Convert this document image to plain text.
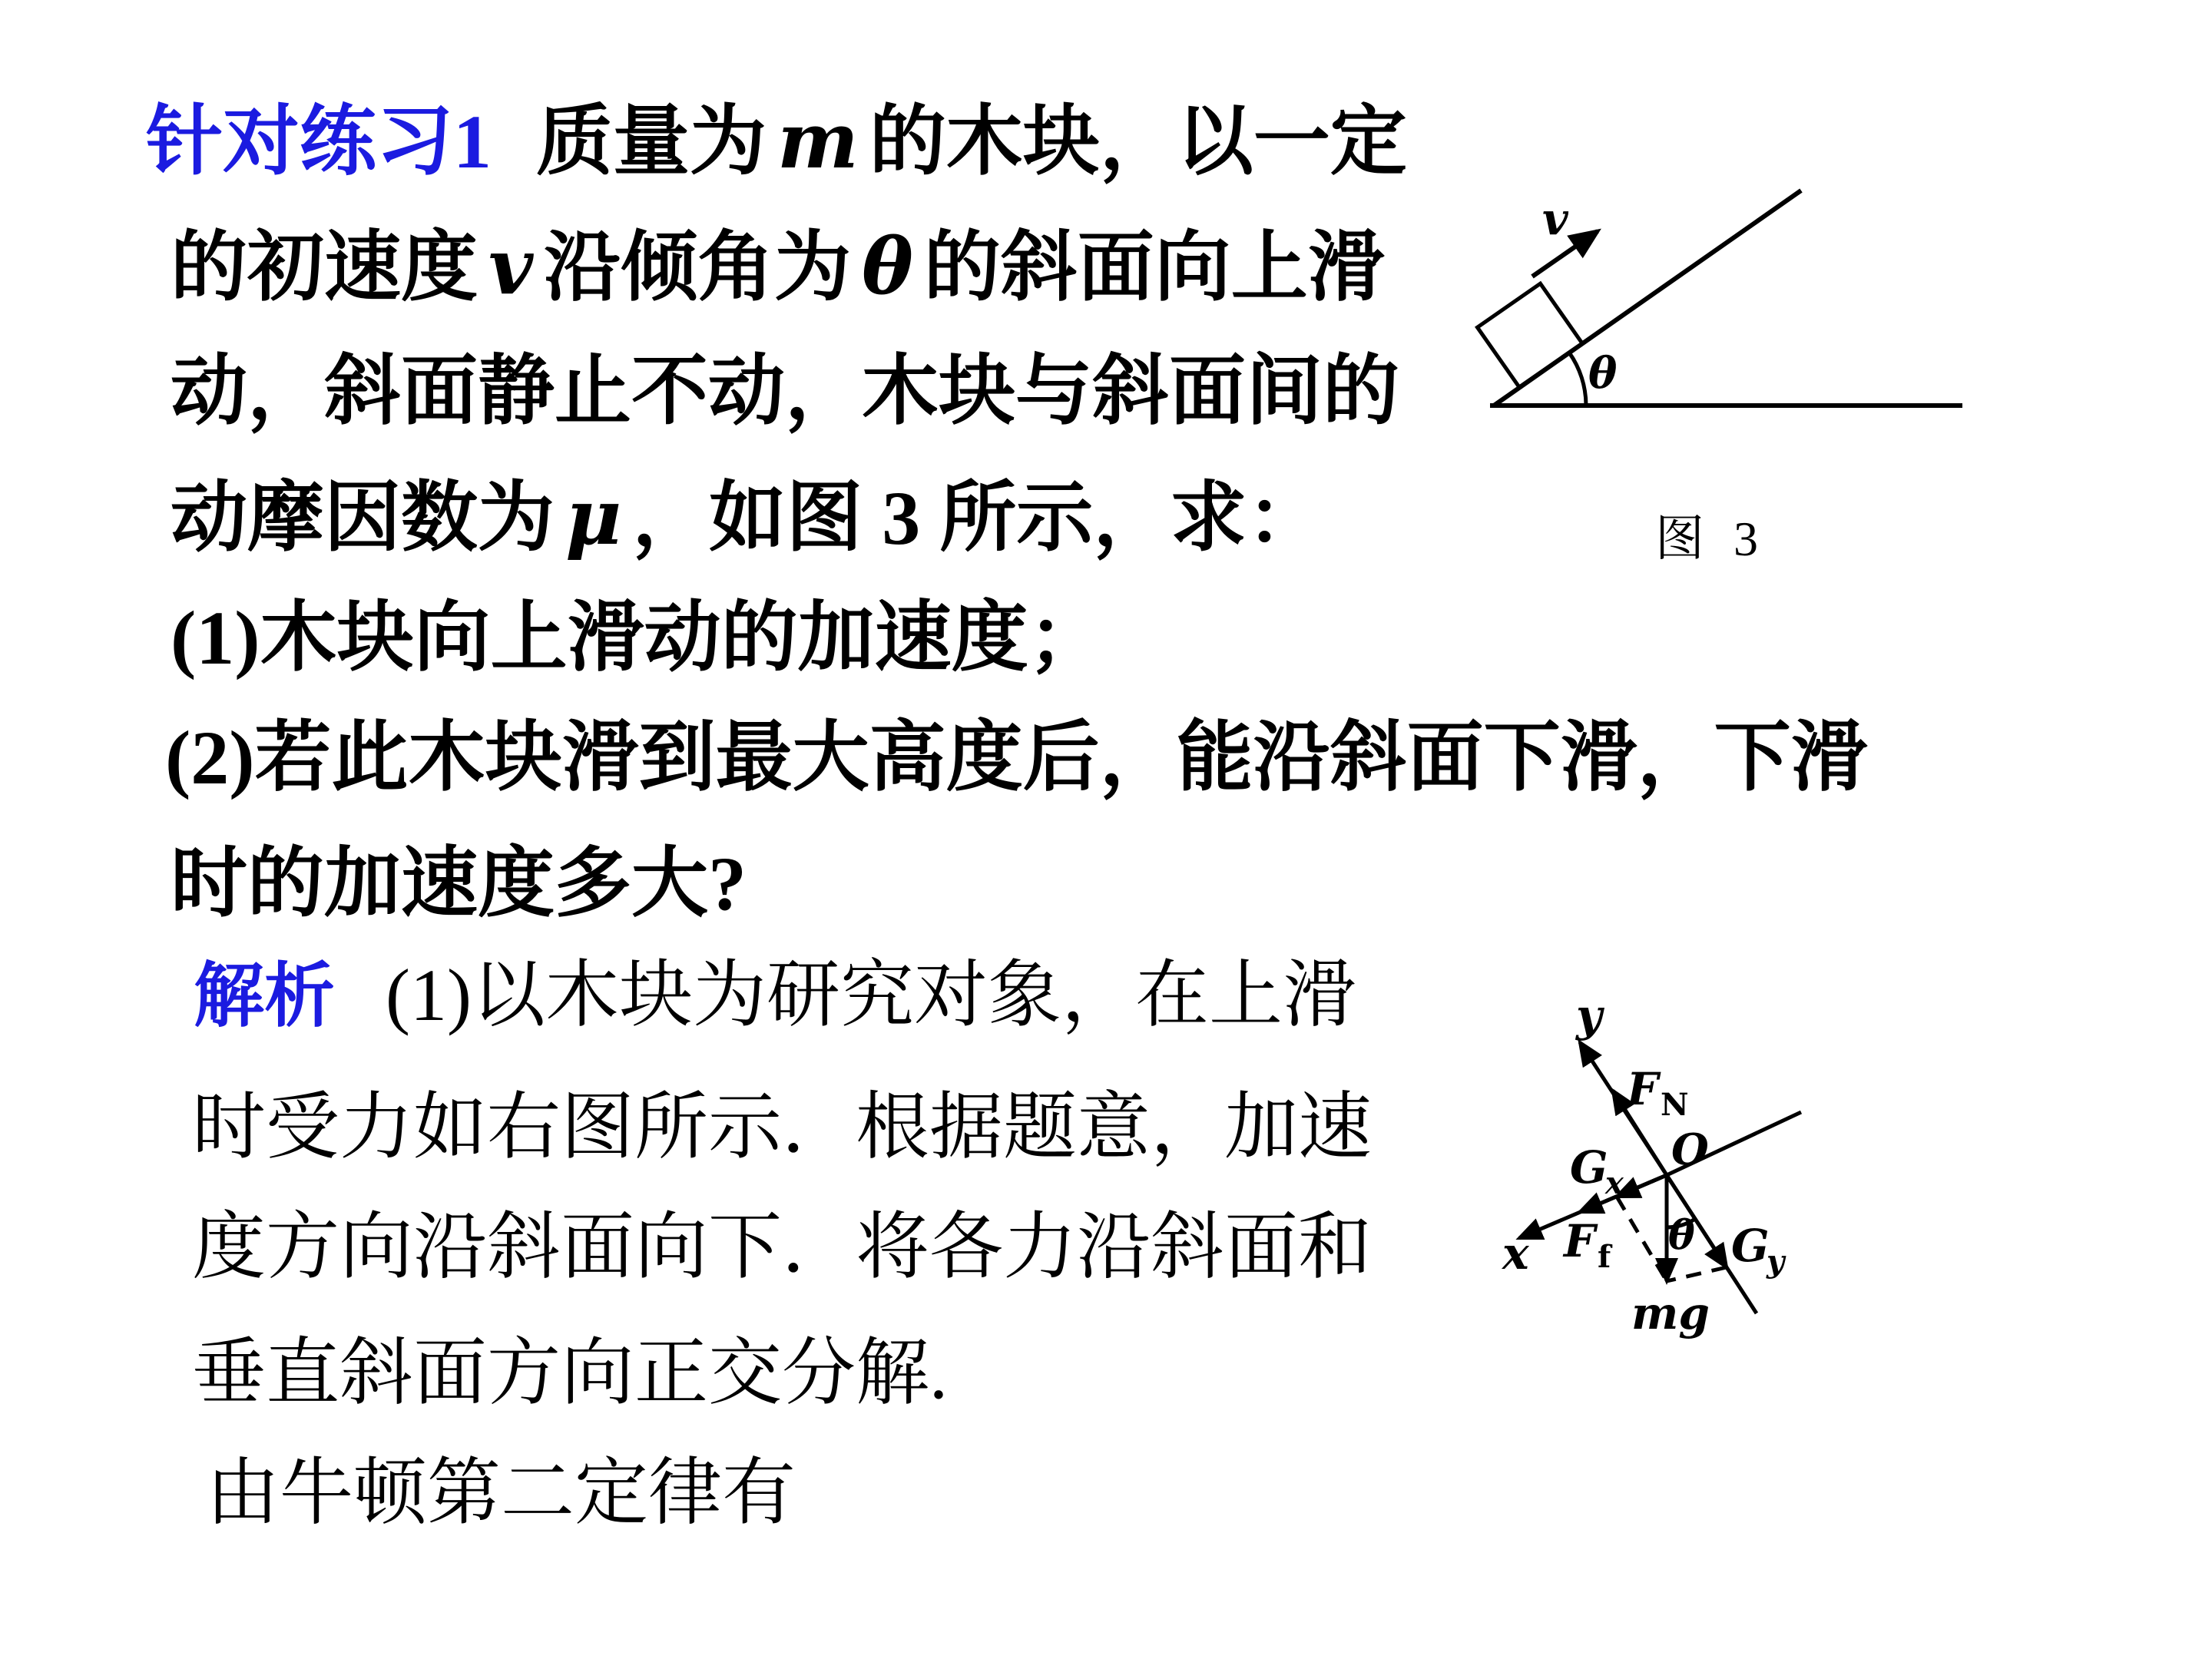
针对练习1 质量为 m 的木块，以一定
的初速度 v 沿倾角为 θ 的斜面向上滑
动，斜面静止不动，木块与斜面间的
动摩因数为 μ ，如图 3 所示，求：
(1)木块向上滑动的加速度；
(2)若此木块滑到最大高度后，能沿斜面下滑，下滑
时的加速度多大?
解析 (1)以木块为研究对象，在上滑
时受力如右图所示．根据题意，加速
度方向沿斜面向下．将各力沿斜面和
垂直斜面方向正交分解.
由牛顿第二定律有
v
θ
图 3
y
FN
O
Gx
Ff
x
mg
Gy
θ
